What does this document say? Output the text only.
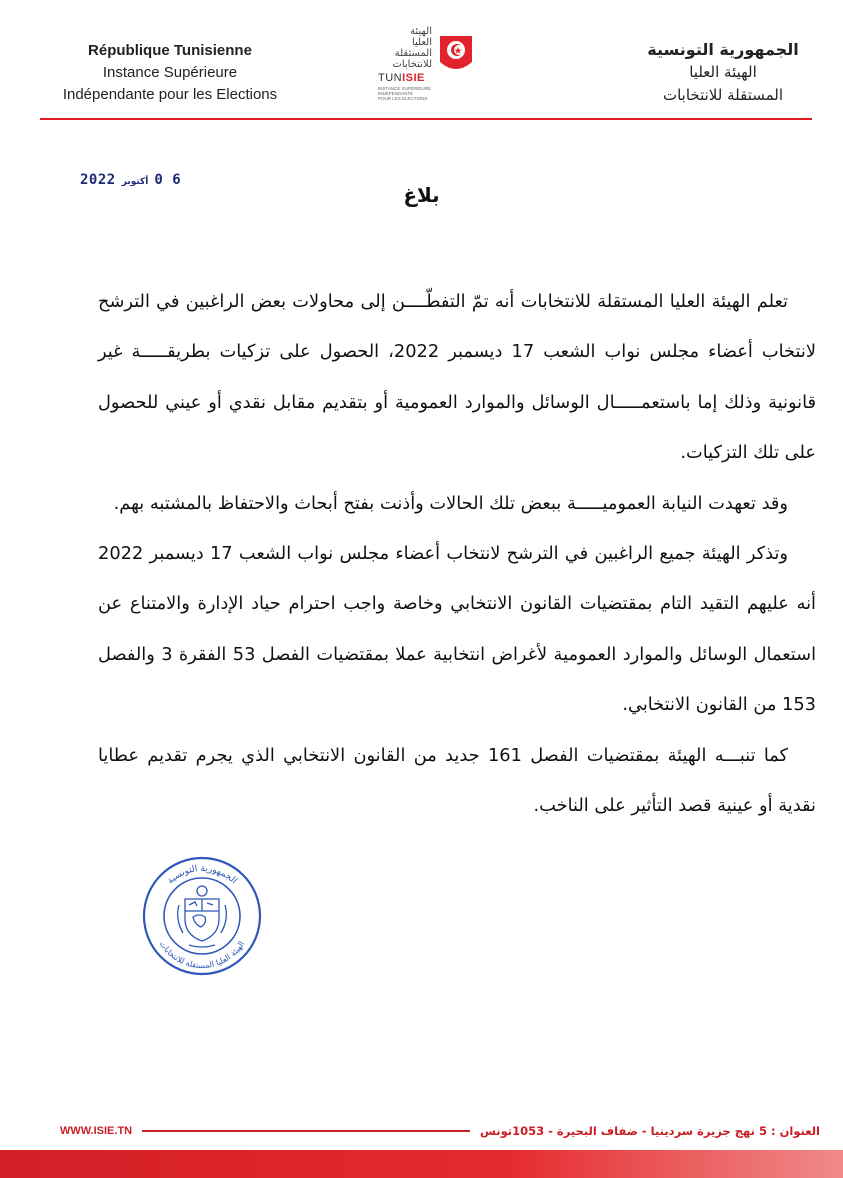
République Tunisienne
Instance Supérieure
Indépendante pour les Elections
الهيئة
العليا
المستقلة
للانتخابات
TUNISIE
INSTANCE SUPÉRIEURE
INDÉPENDANTE
POUR LES ELECTIONS
الجمهورية التونسية
الهيئة العليا
المستقلة للانتخابات
2022 أكتوبر 0 6
بلاغ

تعلم الهيئة العليا المستقلة للانتخابات أنه تمّ التفطّــــن إلى محاولات بعض الراغبين في الترشح لانتخاب أعضاء مجلس نواب الشعب 17 ديسمبر 2022، الحصول على تزكيات بطريقـــــة غير قانونية وذلك إما باستعمـــــال الوسائل والموارد العمومية أو بتقديم مقابل نقدي أو عيني للحصول على تلك التزكيات.

وقد تعهدت النيابة العموميـــــة ببعض تلك الحالات وأذنت بفتح أبحاث والاحتفاظ بالمشتبه بهم.

وتذكر الهيئة جميع الراغبين في الترشح لانتخاب أعضاء مجلس نواب الشعب 17 ديسمبر 2022 أنه عليهم التقيد التام بمقتضيات القانون الانتخابي وخاصة واجب احترام حياد الإدارة والامتناع عن استعمال الوسائل والموارد العمومية لأغراض انتخابية عملا بمقتضيات الفصل 53 الفقرة 3 والفصل 153 من القانون الانتخابي.

كما تنبـــه الهيئة بمقتضيات الفصل 161 جديد من القانون الانتخابي الذي يجرم تقديم عطايا نقدية أو عينية قصد التأثير على الناخب.

الجمهورية التونسية
الهيئة العليا المستقلة للانتخابات
WWW.ISIE.TN	العنوان : 5 نهج جزيرة سردينيا - ضفاف البحيرة - 1053تونس
